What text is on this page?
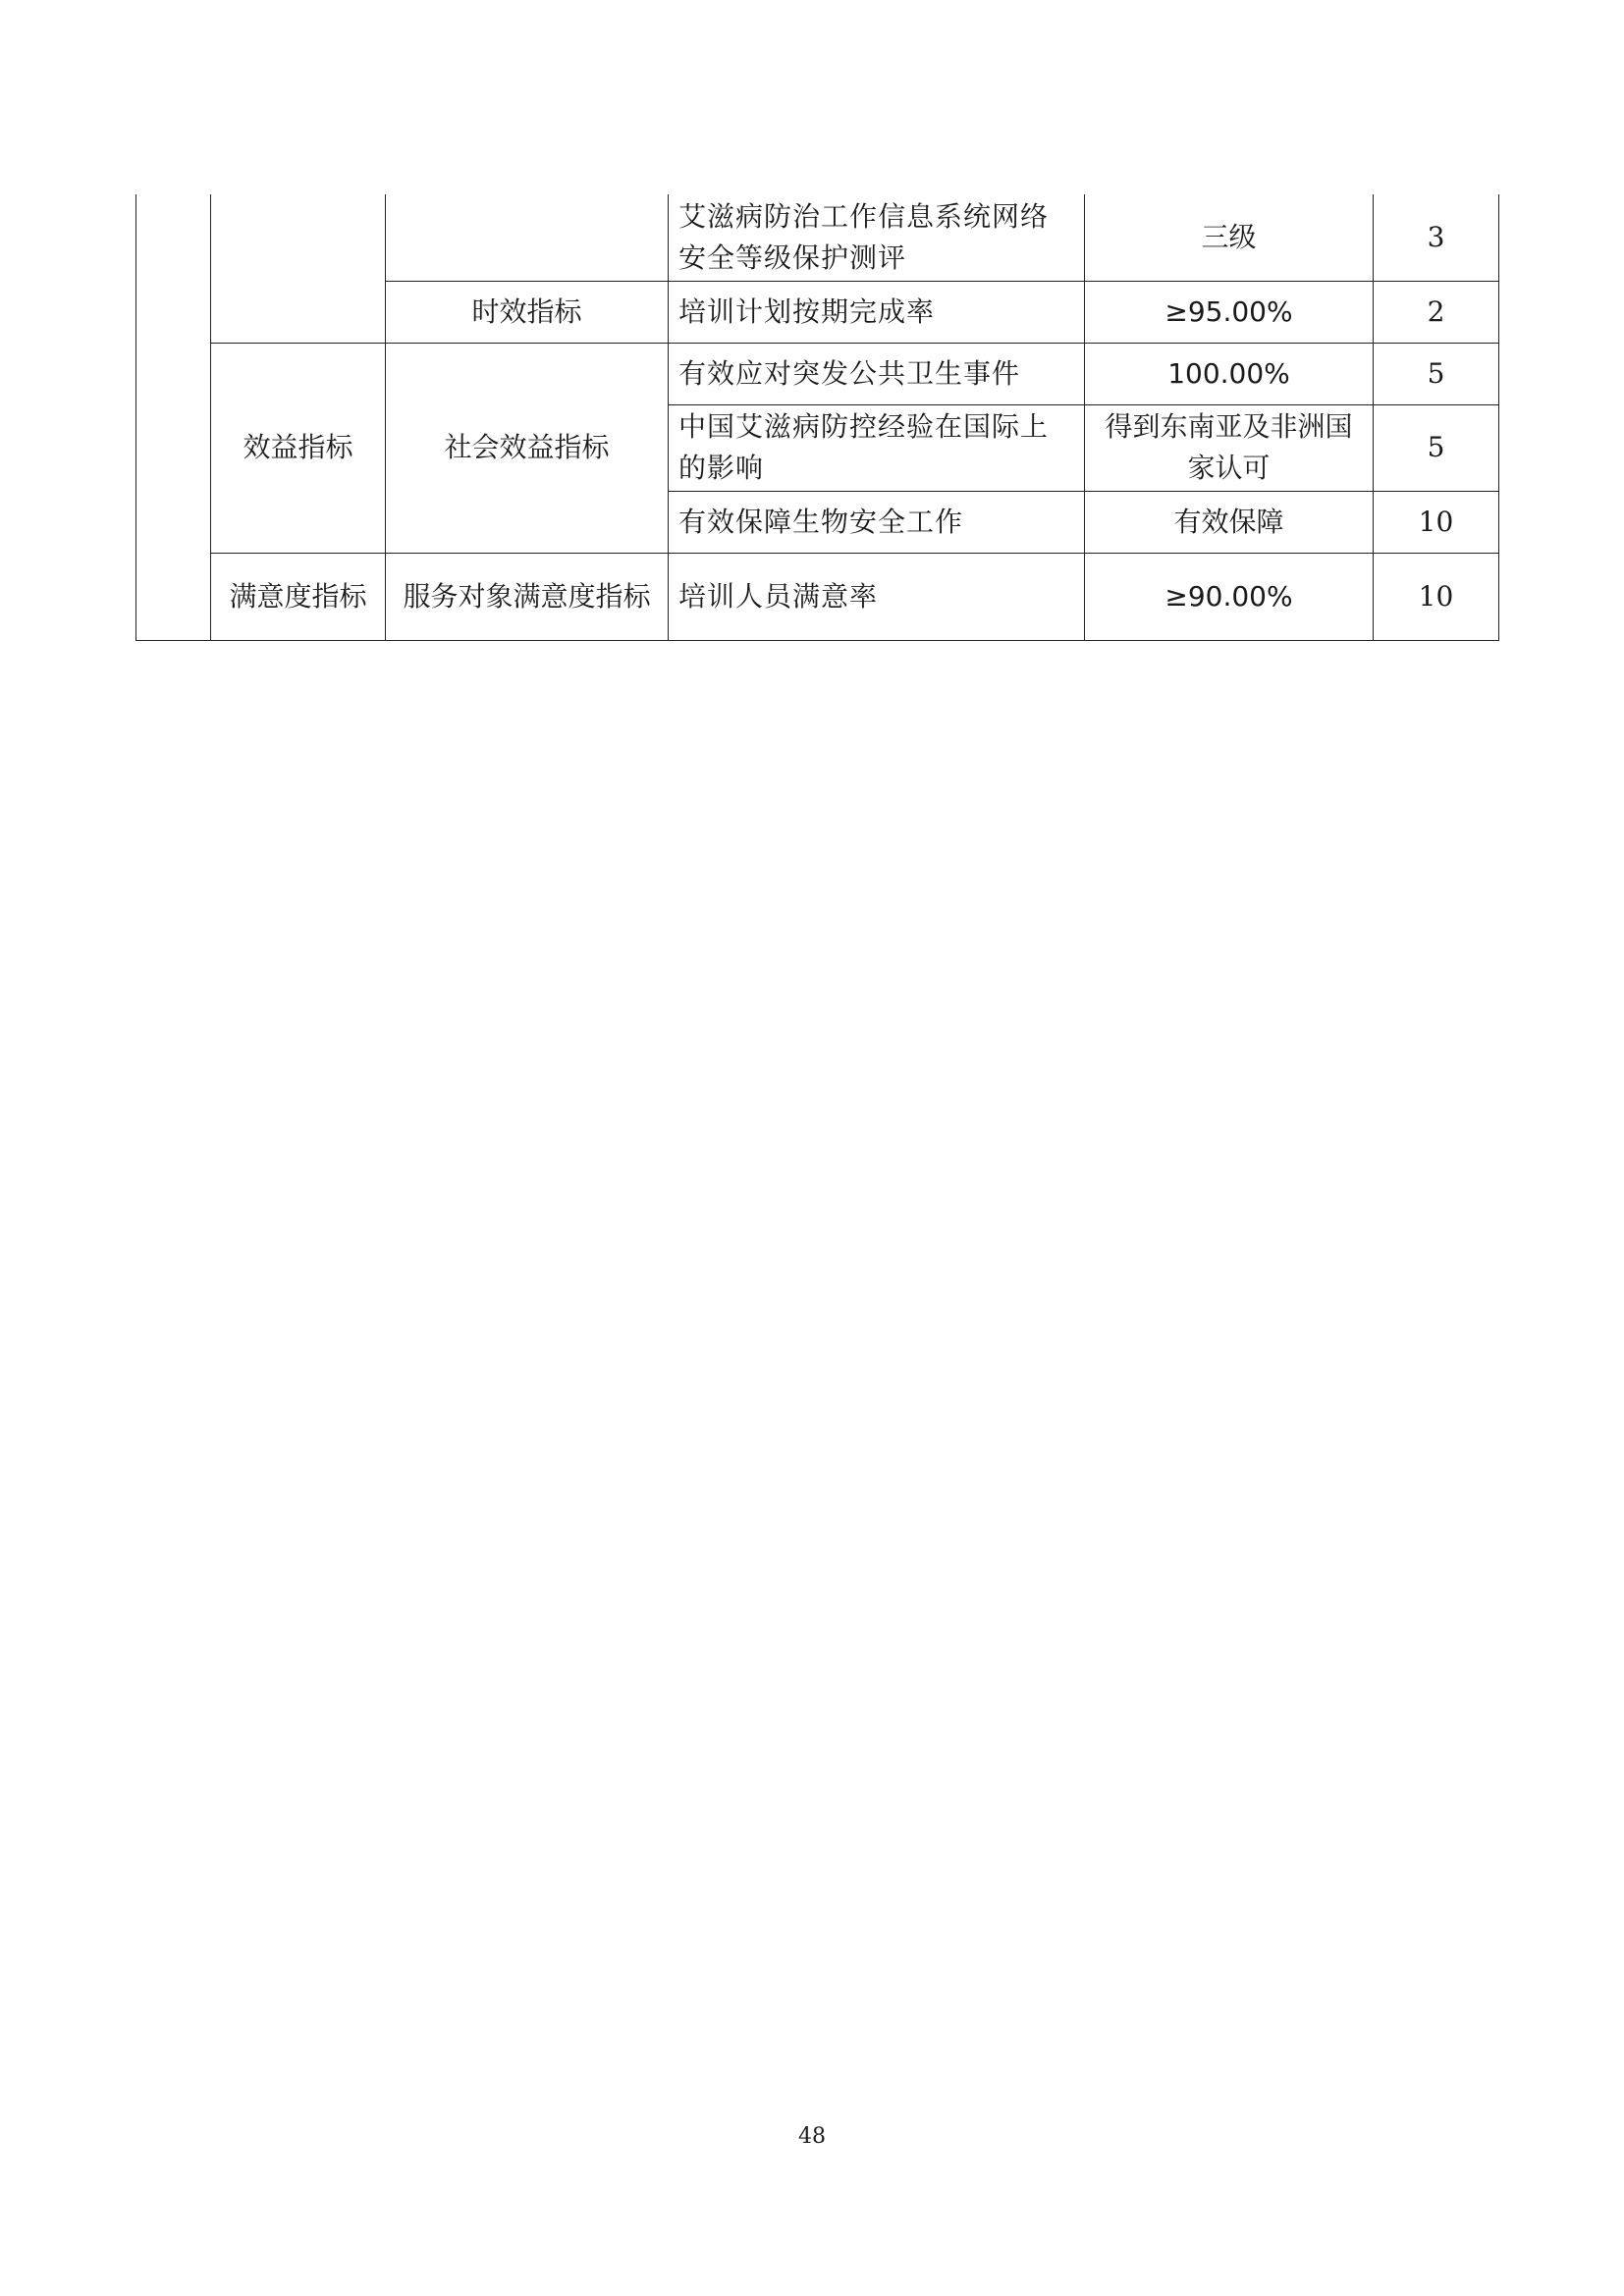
			艾滋病防治工作信息系统网络安全等级保护测评	三级	3
		时效指标	培训计划按期完成率	≥95.00%	2
	效益指标	社会效益指标	有效应对突发公共卫生事件	100.00%	5
			中国艾滋病防控经验在国际上的影响	得到东南亚及非洲国家认可	5
			有效保障生物安全工作	有效保障	10
	满意度指标	服务对象满意度指标	培训人员满意率	≥90.00%	10
48
